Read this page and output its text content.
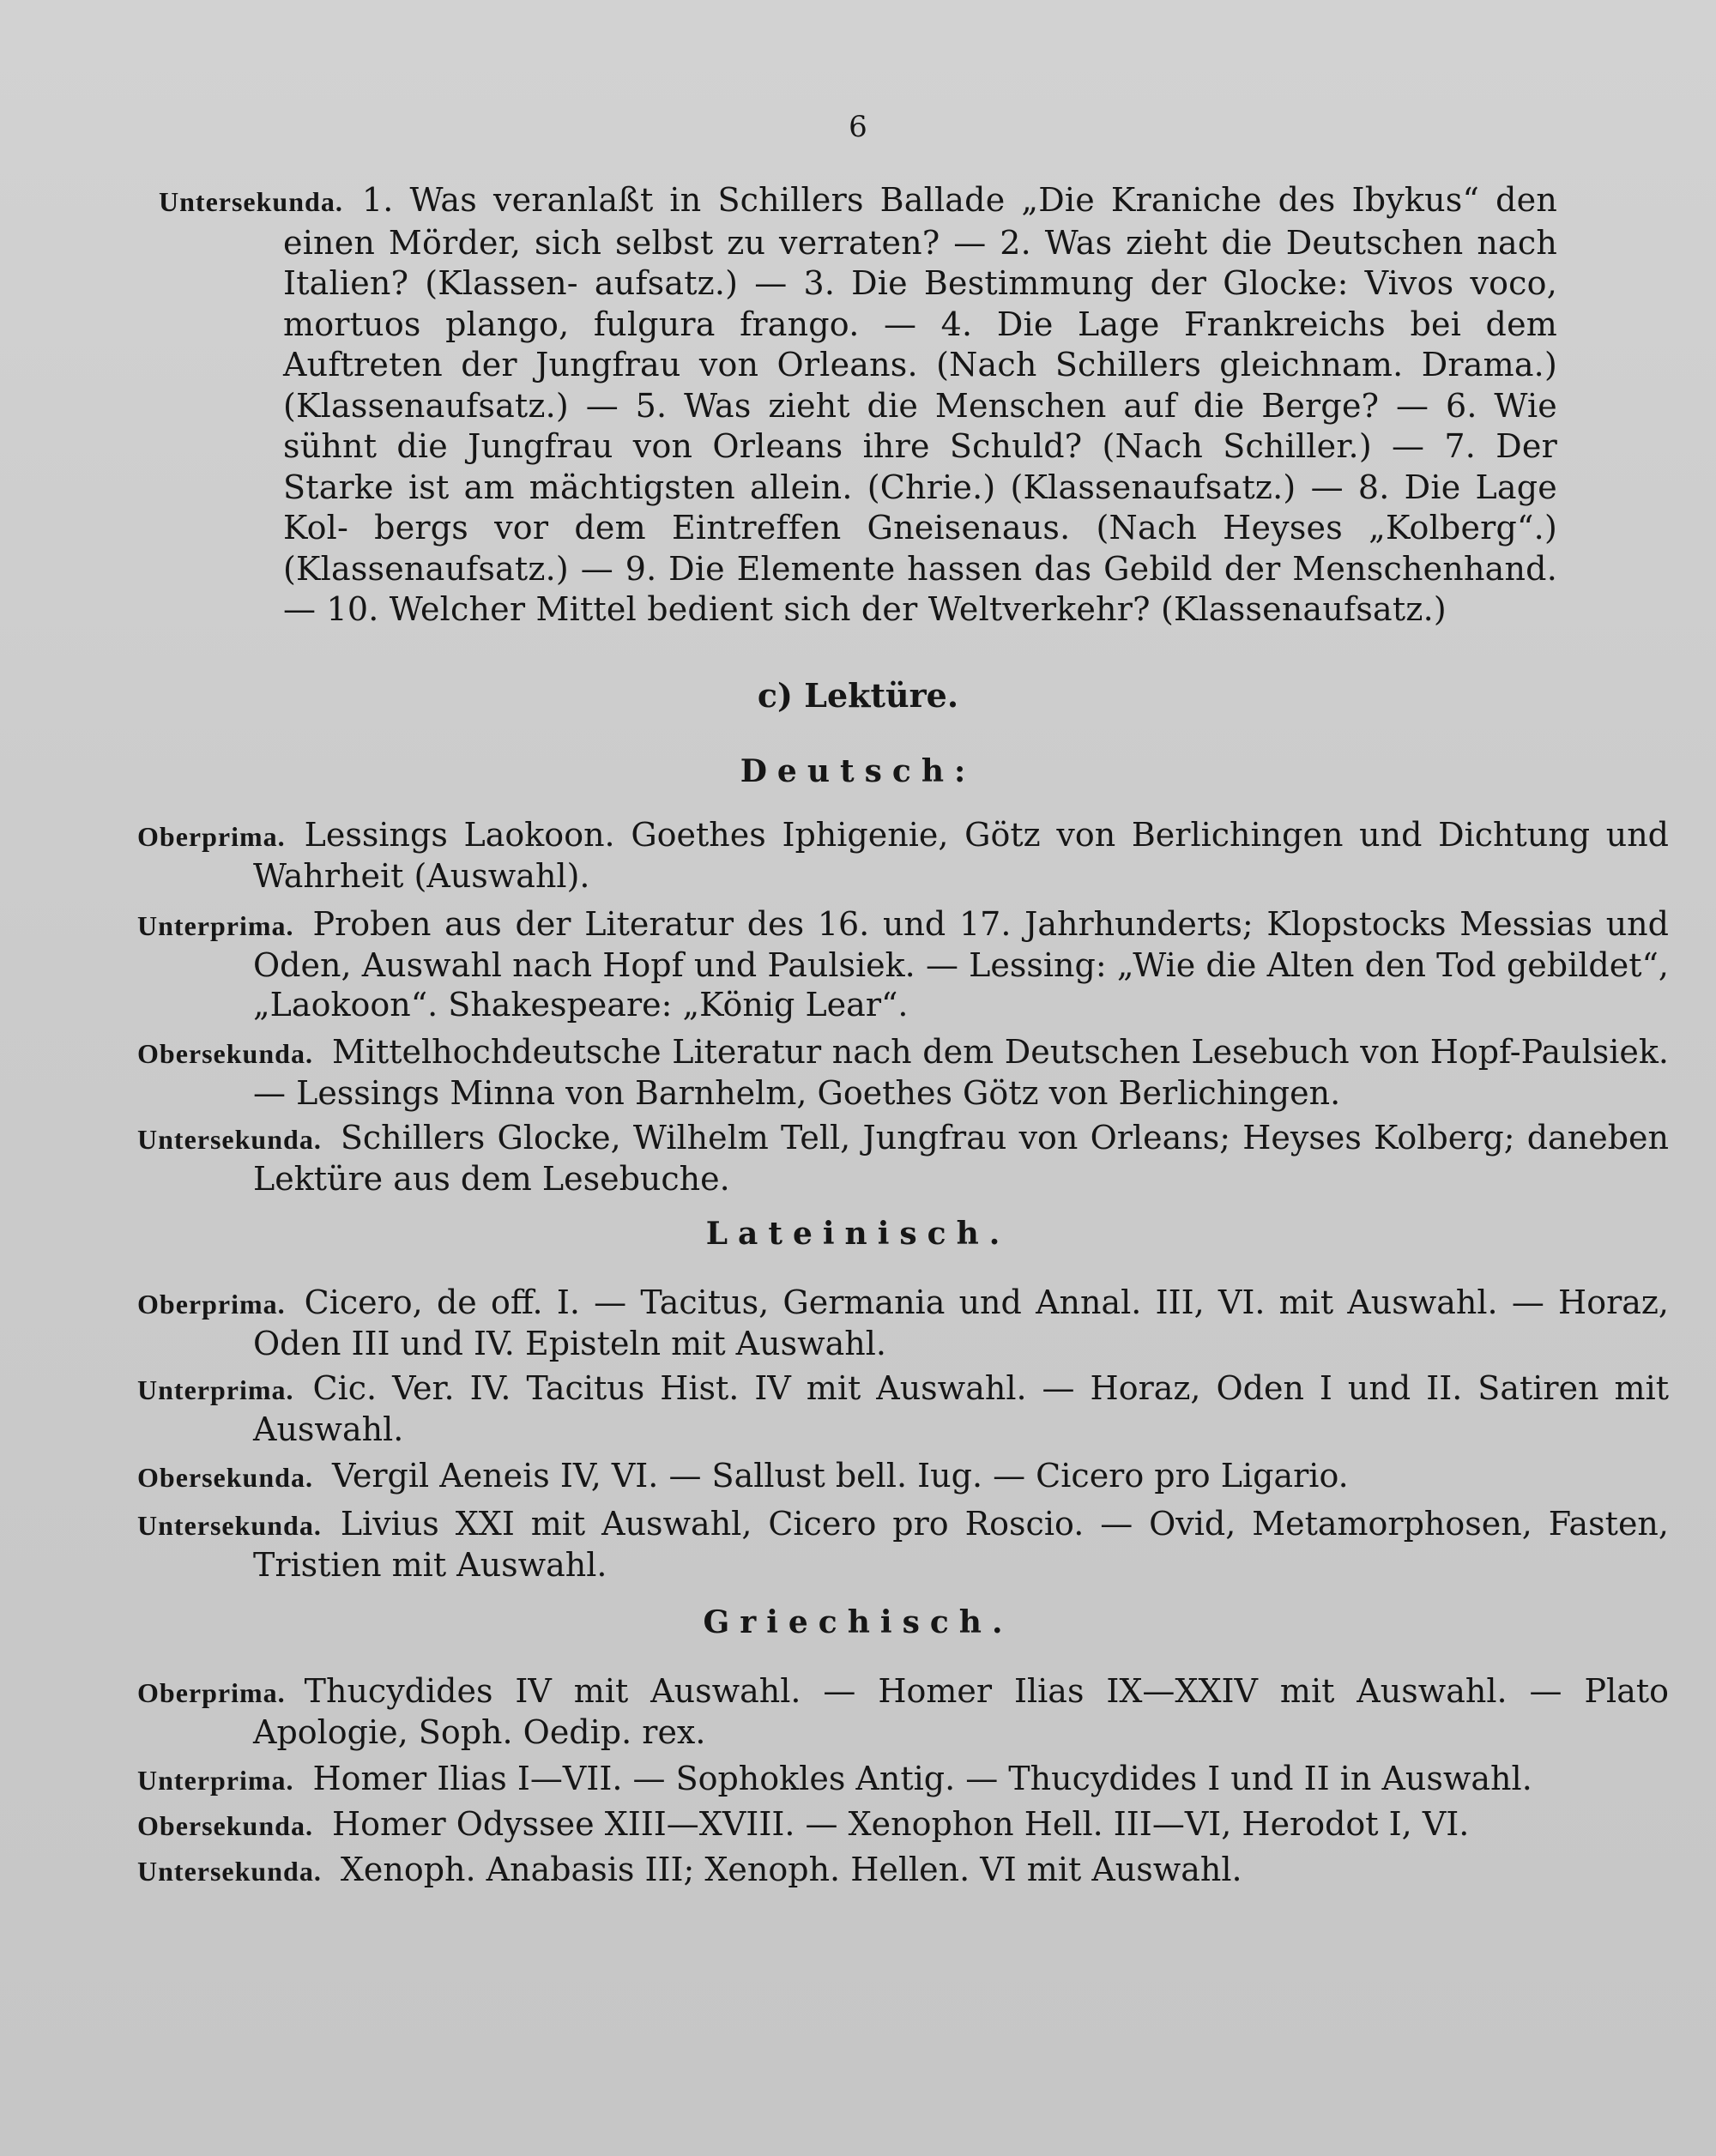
6
Untersekunda. 1. Was veranlaßt in Schillers Ballade „Die Kraniche des Ibykus“ den einen Mörder, sich selbst zu verraten? — 2. Was zieht die Deutschen nach Italien? (Klassen- aufsatz.) — 3. Die Bestimmung der Glocke: Vivos voco, mortuos plango, fulgura frango. — 4. Die Lage Frankreichs bei dem Auftreten der Jungfrau von Orleans. (Nach Schillers gleichnam. Drama.) (Klassenaufsatz.) — 5. Was zieht die Menschen auf die Berge? — 6. Wie sühnt die Jungfrau von Orleans ihre Schuld? (Nach Schiller.) — 7. Der Starke ist am mächtigsten allein. (Chrie.) (Klassenaufsatz.) — 8. Die Lage Kol- bergs vor dem Eintreffen Gneisenaus. (Nach Heyses „Kolberg“.) (Klassenaufsatz.) — 9. Die Elemente hassen das Gebild der Menschenhand. — 10. Welcher Mittel bedient sich der Weltverkehr? (Klassenaufsatz.)
c) Lektüre.
Deutsch:
Oberprima. Lessings Laokoon. Goethes Iphigenie, Götz von Berlichingen und Dichtung und Wahrheit (Auswahl).
Unterprima. Proben aus der Literatur des 16. und 17. Jahrhunderts; Klopstocks Messias und Oden, Auswahl nach Hopf und Paulsiek. — Lessing: „Wie die Alten den Tod gebildet“, „Laokoon“. Shakespeare: „König Lear“.
Obersekunda. Mittelhochdeutsche Literatur nach dem Deutschen Lesebuch von Hopf-Paulsiek. — Lessings Minna von Barnhelm, Goethes Götz von Berlichingen.
Untersekunda. Schillers Glocke, Wilhelm Tell, Jungfrau von Orleans; Heyses Kolberg; daneben Lektüre aus dem Lesebuche.
Lateinisch.
Oberprima. Cicero, de off. I. — Tacitus, Germania und Annal. III, VI. mit Auswahl. — Horaz, Oden III und IV. Episteln mit Auswahl.
Unterprima. Cic. Ver. IV. Tacitus Hist. IV mit Auswahl. — Horaz, Oden I und II. Satiren mit Auswahl.
Obersekunda. Vergil Aeneis IV, VI. — Sallust bell. Iug. — Cicero pro Ligario.
Untersekunda. Livius XXI mit Auswahl, Cicero pro Roscio. — Ovid, Metamorphosen, Fasten, Tristien mit Auswahl.
Griechisch.
Oberprima. Thucydides IV mit Auswahl. — Homer Ilias IX—XXIV mit Auswahl. — Plato Apologie, Soph. Oedip. rex.
Unterprima. Homer Ilias I—VII. — Sophokles Antig. — Thucydides I und II in Auswahl.
Obersekunda. Homer Odyssee XIII—XVIII. — Xenophon Hell. III—VI, Herodot I, VI.
Untersekunda. Xenoph. Anabasis III; Xenoph. Hellen. VI mit Auswahl.
